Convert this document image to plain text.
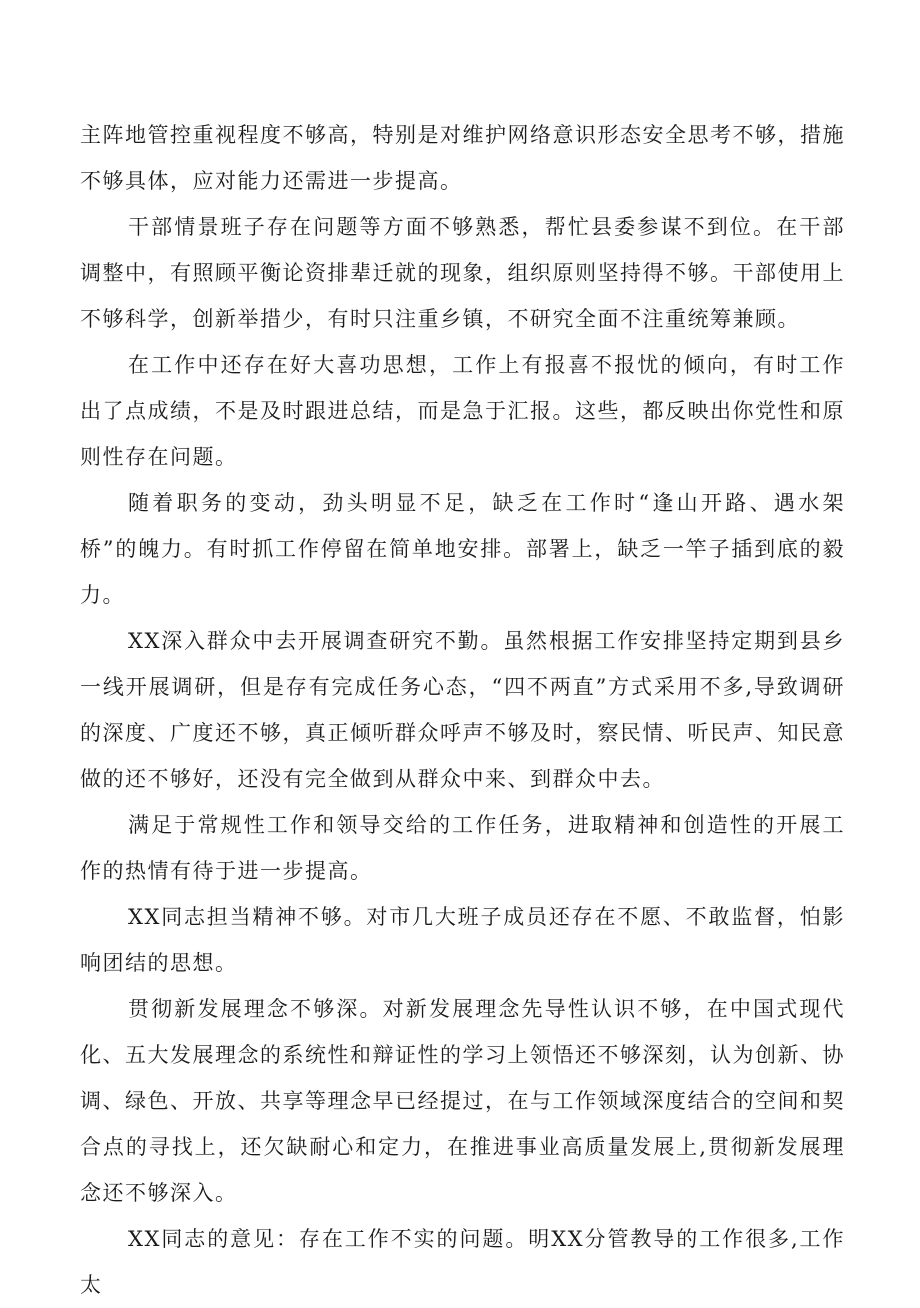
主阵地管控重视程度不够高，特别是对维护网络意识形态安全思考不够，措施不够具体，应对能力还需进一步提高。

干部情景班子存在问题等方面不够熟悉，帮忙县委参谋不到位。在干部调整中，有照顾平衡论资排辈迁就的现象，组织原则坚持得不够。干部使用上不够科学，创新举措少，有时只注重乡镇，不研究全面不注重统筹兼顾。

在工作中还存在好大喜功思想，工作上有报喜不报忧的倾向，有时工作出了点成绩，不是及时跟进总结，而是急于汇报。这些，都反映出你党性和原则性存在问题。

随着职务的变动，劲头明显不足，缺乏在工作时“逢山开路、遇水架桥”的魄力。有时抓工作停留在简单地安排。部署上，缺乏一竿子插到底的毅力。

XX深入群众中去开展调查研究不勤。虽然根据工作安排坚持定期到县乡一线开展调研，但是存有完成任务心态，“四不两直”方式采用不多,导致调研的深度、广度还不够，真正倾听群众呼声不够及时，察民情、听民声、知民意做的还不够好，还没有完全做到从群众中来、到群众中去。

满足于常规性工作和领导交给的工作任务，进取精神和创造性的开展工作的热情有待于进一步提高。

XX同志担当精神不够。对市几大班子成员还存在不愿、不敢监督，怕影响团结的思想。

贯彻新发展理念不够深。对新发展理念先导性认识不够，在中国式现代化、五大发展理念的系统性和辩证性的学习上领悟还不够深刻，认为创新、协调、绿色、开放、共享等理念早已经提过，在与工作领域深度结合的空间和契合点的寻找上，还欠缺耐心和定力，在推进事业高质量发展上,贯彻新发展理念还不够深入。

XX同志的意见：存在工作不实的问题。明XX分管教导的工作很多,工作太
